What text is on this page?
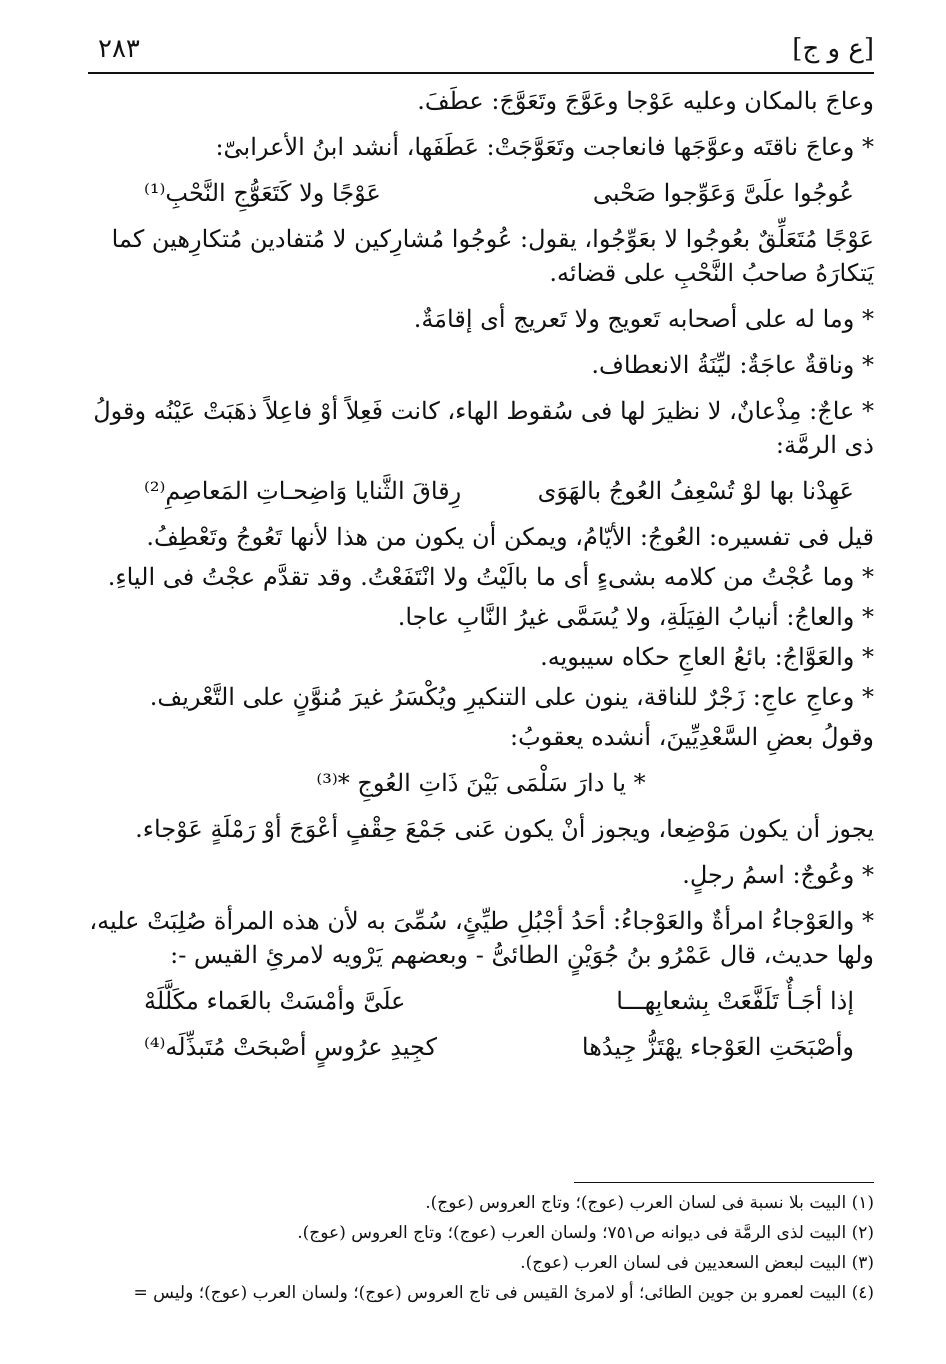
٢٨٣	[ع و ج]

وعاجَ بالمكان وعليه عَوْجا وعَوَّجَ وتَعَوَّجَ: عطَفَ.

* وعاجَ ناقتَه وعوَّجَها فانعاجت وتَعَوَّجَتْ: عَطَفَها، أنشد ابنُ الأعرابىّ:

عُوجُوا علَىَّ وَعَوِّجوا صَحْبى
عَوْجًا ولا كَتَعَوُّجِ النَّحْبِ⁽¹⁾

عَوْجًا مُتَعَلِّقٌ بعُوجُوا لا بعَوِّجُوا، يقول: عُوجُوا مُشارِكين لا مُتفادين مُتكارِهين كما يَتكارَهُ صاحبُ النَّحْبِ على قضائه.

* وما له على أصحابه تَعويج ولا تَعريج أى إقامَةٌ.

* وناقةٌ عاجَةٌ: ليِّنَةُ الانعطاف.

* عاجٌ: مِذْعانٌ، لا نظيرَ لها فى سُقوط الهاء، كانت فَعِلاً أوْ فاعِلاً ذهَبَتْ عَيْنُه وقولُ ذى الرمَّة:

عَهِدْنا بها لوْ تُسْعِفُ العُوجُ بالهَوَى
رِقاقَ الثَّنايا وَاضِحـاتِ المَعاصِمِ⁽²⁾

قيل فى تفسيره: العُوجُ: الأيّامُ، ويمكن أن يكون من هذا لأنها تَعُوجُ وتَعْطِفُ.

* وما عُجْتُ من كلامه بشىءٍ أى ما بالَيْتُ ولا انْتَفَعْتُ. وقد تقدَّم عجْتُ فى الياءِ.

* والعاجُ: أنيابُ الفِيَلَةِ، ولا يُسَمَّى غيرُ النَّابِ عاجا.

* والعَوَّاجُ: بائعُ العاجِ حكاه سيبويه.

* وعاجِ عاجِ: زَجْرٌ للناقة، ينون على التنكيرِ ويُكْسَرُ غيرَ مُنوَّنٍ على التَّعْريف.

وقولُ بعضِ السَّعْدِيِّينَ، أنشده يعقوبُ:

* يا دارَ سَلْمَى بَيْنَ ذَاتِ العُوجِ *⁽³⁾

يجوز أن يكون مَوْضِعا، ويجوز أنْ يكون عَنى جَمْعَ حِقْفٍ أعْوَجَ أوْ رَمْلَةٍ عَوْجاء.

* وعُوجٌ: اسمُ رجلٍ.

* والعَوْجاءُ امرأةٌ والعَوْجاءُ: أحَدُ أجْبُلِ طيِّئٍ، سُمِّىَ به لأن هذه المرأة صُلِبَتْ عليه، ولها حديث، قال عَمْرُو بنُ جُوَيْنٍ الطائىُّ - وبعضهم يَرْويه لامرئِ القيس -:

إذا أجَـأٌ تَلَفَّعَتْ بِشعابِهـــا
علَىَّ وأمْسَتْ بالعَماء مكَلَّلَهْ
وأصْبَحَتِ العَوْجاء يهْتَزُّ جِيدُها
كجِيدِ عرُوسٍ أصْبحَتْ مُتَبذِّلَه⁽⁴⁾

(١) البيت بلا نسبة فى لسان العرب (عوج)؛ وتاج العروس (عوج).

(٢) البيت لذى الرمَّة فى ديوانه ص٧٥١؛ ولسان العرب (عوج)؛ وتاج العروس (عوج).

(٣) البيت لبعض السعديين فى لسان العرب (عوج).

(٤) البيت لعمرو بن جوين الطائى؛ أو لامرئ القيس فى تاج العروس (عوج)؛ ولسان العرب (عوج)؛ وليس =
